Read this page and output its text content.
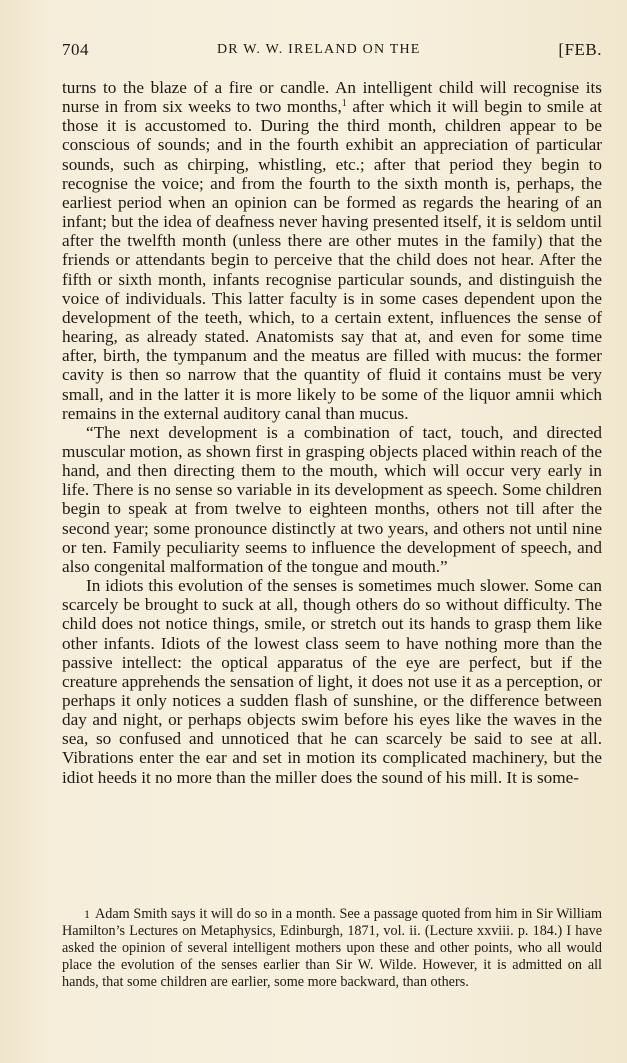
704	DR W. W. IRELAND ON THE	[FEB.

turns to the blaze of a fire or candle. An intelligent child will recognise its nurse in from six weeks to two months,$^1$ after which it will begin to smile at those it is accustomed to. During the third month, children appear to be conscious of sounds; and in the fourth exhibit an appreciation of particular sounds, such as chirping, whistling, etc.; after that period they begin to recognise the voice; and from the fourth to the sixth month is, perhaps, the earliest period when an opinion can be formed as regards the hearing of an infant; but the idea of deafness never having presented itself, it is seldom until after the twelfth month (unless there are other mutes in the family) that the friends or attendants begin to perceive that the child does not hear. After the fifth or sixth month, infants recognise particular sounds, and distinguish the voice of individuals. This latter faculty is in some cases dependent upon the development of the teeth, which, to a certain extent, influences the sense of hearing, as already stated. Anatomists say that at, and even for some time after, birth, the tympanum and the meatus are filled with mucus: the former cavity is then so narrow that the quantity of fluid it contains must be very small, and in the latter it is more likely to be some of the liquor amnii which remains in the external auditory canal than mucus.

“The next development is a combination of tact, touch, and directed muscular motion, as shown first in grasping objects placed within reach of the hand, and then directing them to the mouth, which will occur very early in life. There is no sense so variable in its development as speech. Some children begin to speak at from twelve to eighteen months, others not till after the second year; some pronounce distinctly at two years, and others not until nine or ten. Family peculiarity seems to influence the development of speech, and also congenital malformation of the tongue and mouth.”

In idiots this evolution of the senses is sometimes much slower. Some can scarcely be brought to suck at all, though others do so without difficulty. The child does not notice things, smile, or stretch out its hands to grasp them like other infants. Idiots of the lowest class seem to have nothing more than the passive intellect: the optical apparatus of the eye are perfect, but if the creature apprehends the sensation of light, it does not use it as a perception, or perhaps it only notices a sudden flash of sunshine, or the difference between day and night, or perhaps objects swim before his eyes like the waves in the sea, so confused and unnoticed that he can scarcely be said to see at all. Vibrations enter the ear and set in motion its complicated machinery, but the idiot heeds it no more than the miller does the sound of his mill. It is some-

1 Adam Smith says it will do so in a month. See a passage quoted from him in Sir William Hamilton’s Lectures on Metaphysics, Edinburgh, 1871, vol. ii. (Lecture xxviii. p. 184.) I have asked the opinion of several intelligent mothers upon these and other points, who all would place the evolution of the senses earlier than Sir W. Wilde. However, it is admitted on all hands, that some children are earlier, some more backward, than others.
